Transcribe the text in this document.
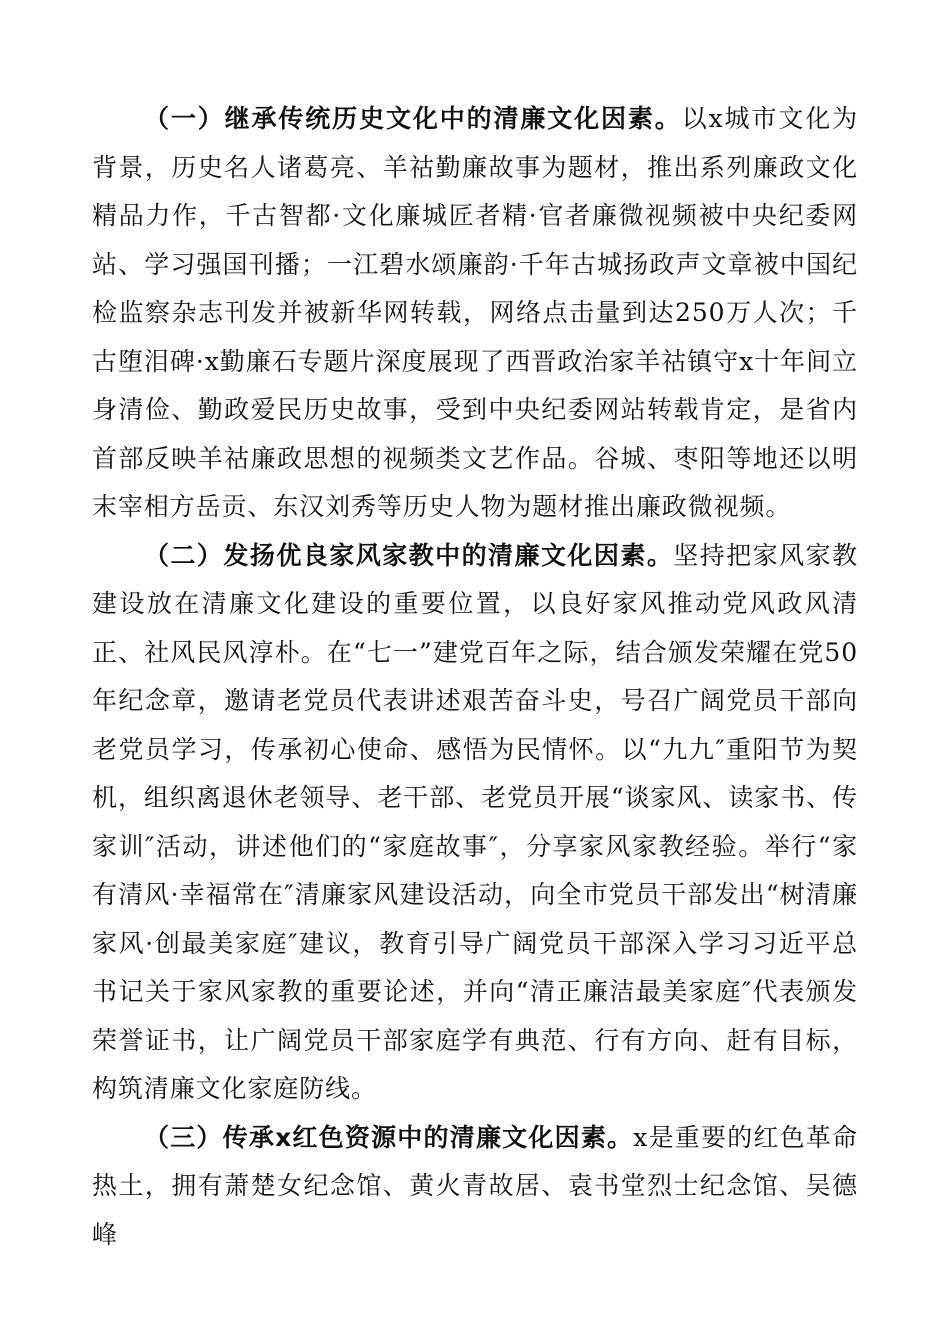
（一）继承传统历史文化中的清廉文化因素。以x城市文化为背景，历史名人诸葛亮、羊祜勤廉故事为题材，推出系列廉政文化精品力作，千古智都·文化廉城匠者精·官者廉微视频被中央纪委网站、学习强国刊播；一江碧水颂廉韵·千年古城扬政声文章被中国纪检监察杂志刊发并被新华网转载，网络点击量到达250万人次；千古堕泪碑·x勤廉石专题片深度展现了西晋政治家羊祜镇守x十年间立身清俭、勤政爱民历史故事，受到中央纪委网站转载肯定，是省内首部反映羊祜廉政思想的视频类文艺作品。谷城、枣阳等地还以明末宰相方岳贡、东汉刘秀等历史人物为题材推出廉政微视频。

（二）发扬优良家风家教中的清廉文化因素。坚持把家风家教建设放在清廉文化建设的重要位置，以良好家风推动党风政风清正、社风民风淳朴。在“七一”建党百年之际，结合颁发荣耀在党50年纪念章，邀请老党员代表讲述艰苦奋斗史，号召广阔党员干部向老党员学习，传承初心使命、感悟为民情怀。以“九九″重阳节为契机，组织离退休老领导、老干部、老党员开展“谈家风、读家书、传家训″活动，讲述他们的“家庭故事″，分享家风家教经验。举行“家有清风·幸福常在″清廉家风建设活动，向全市党员干部发出“树清廉家风·创最美家庭″建议，教育引导广阔党员干部深入学习习近平总书记关于家风家教的重要论述，并向“清正廉洁最美家庭″代表颁发荣誉证书，让广阔党员干部家庭学有典范、行有方向、赶有目标，构筑清廉文化家庭防线。

（三）传承x红色资源中的清廉文化因素。x是重要的红色革命热土，拥有萧楚女纪念馆、黄火青故居、袁书堂烈士纪念馆、吴德峰
